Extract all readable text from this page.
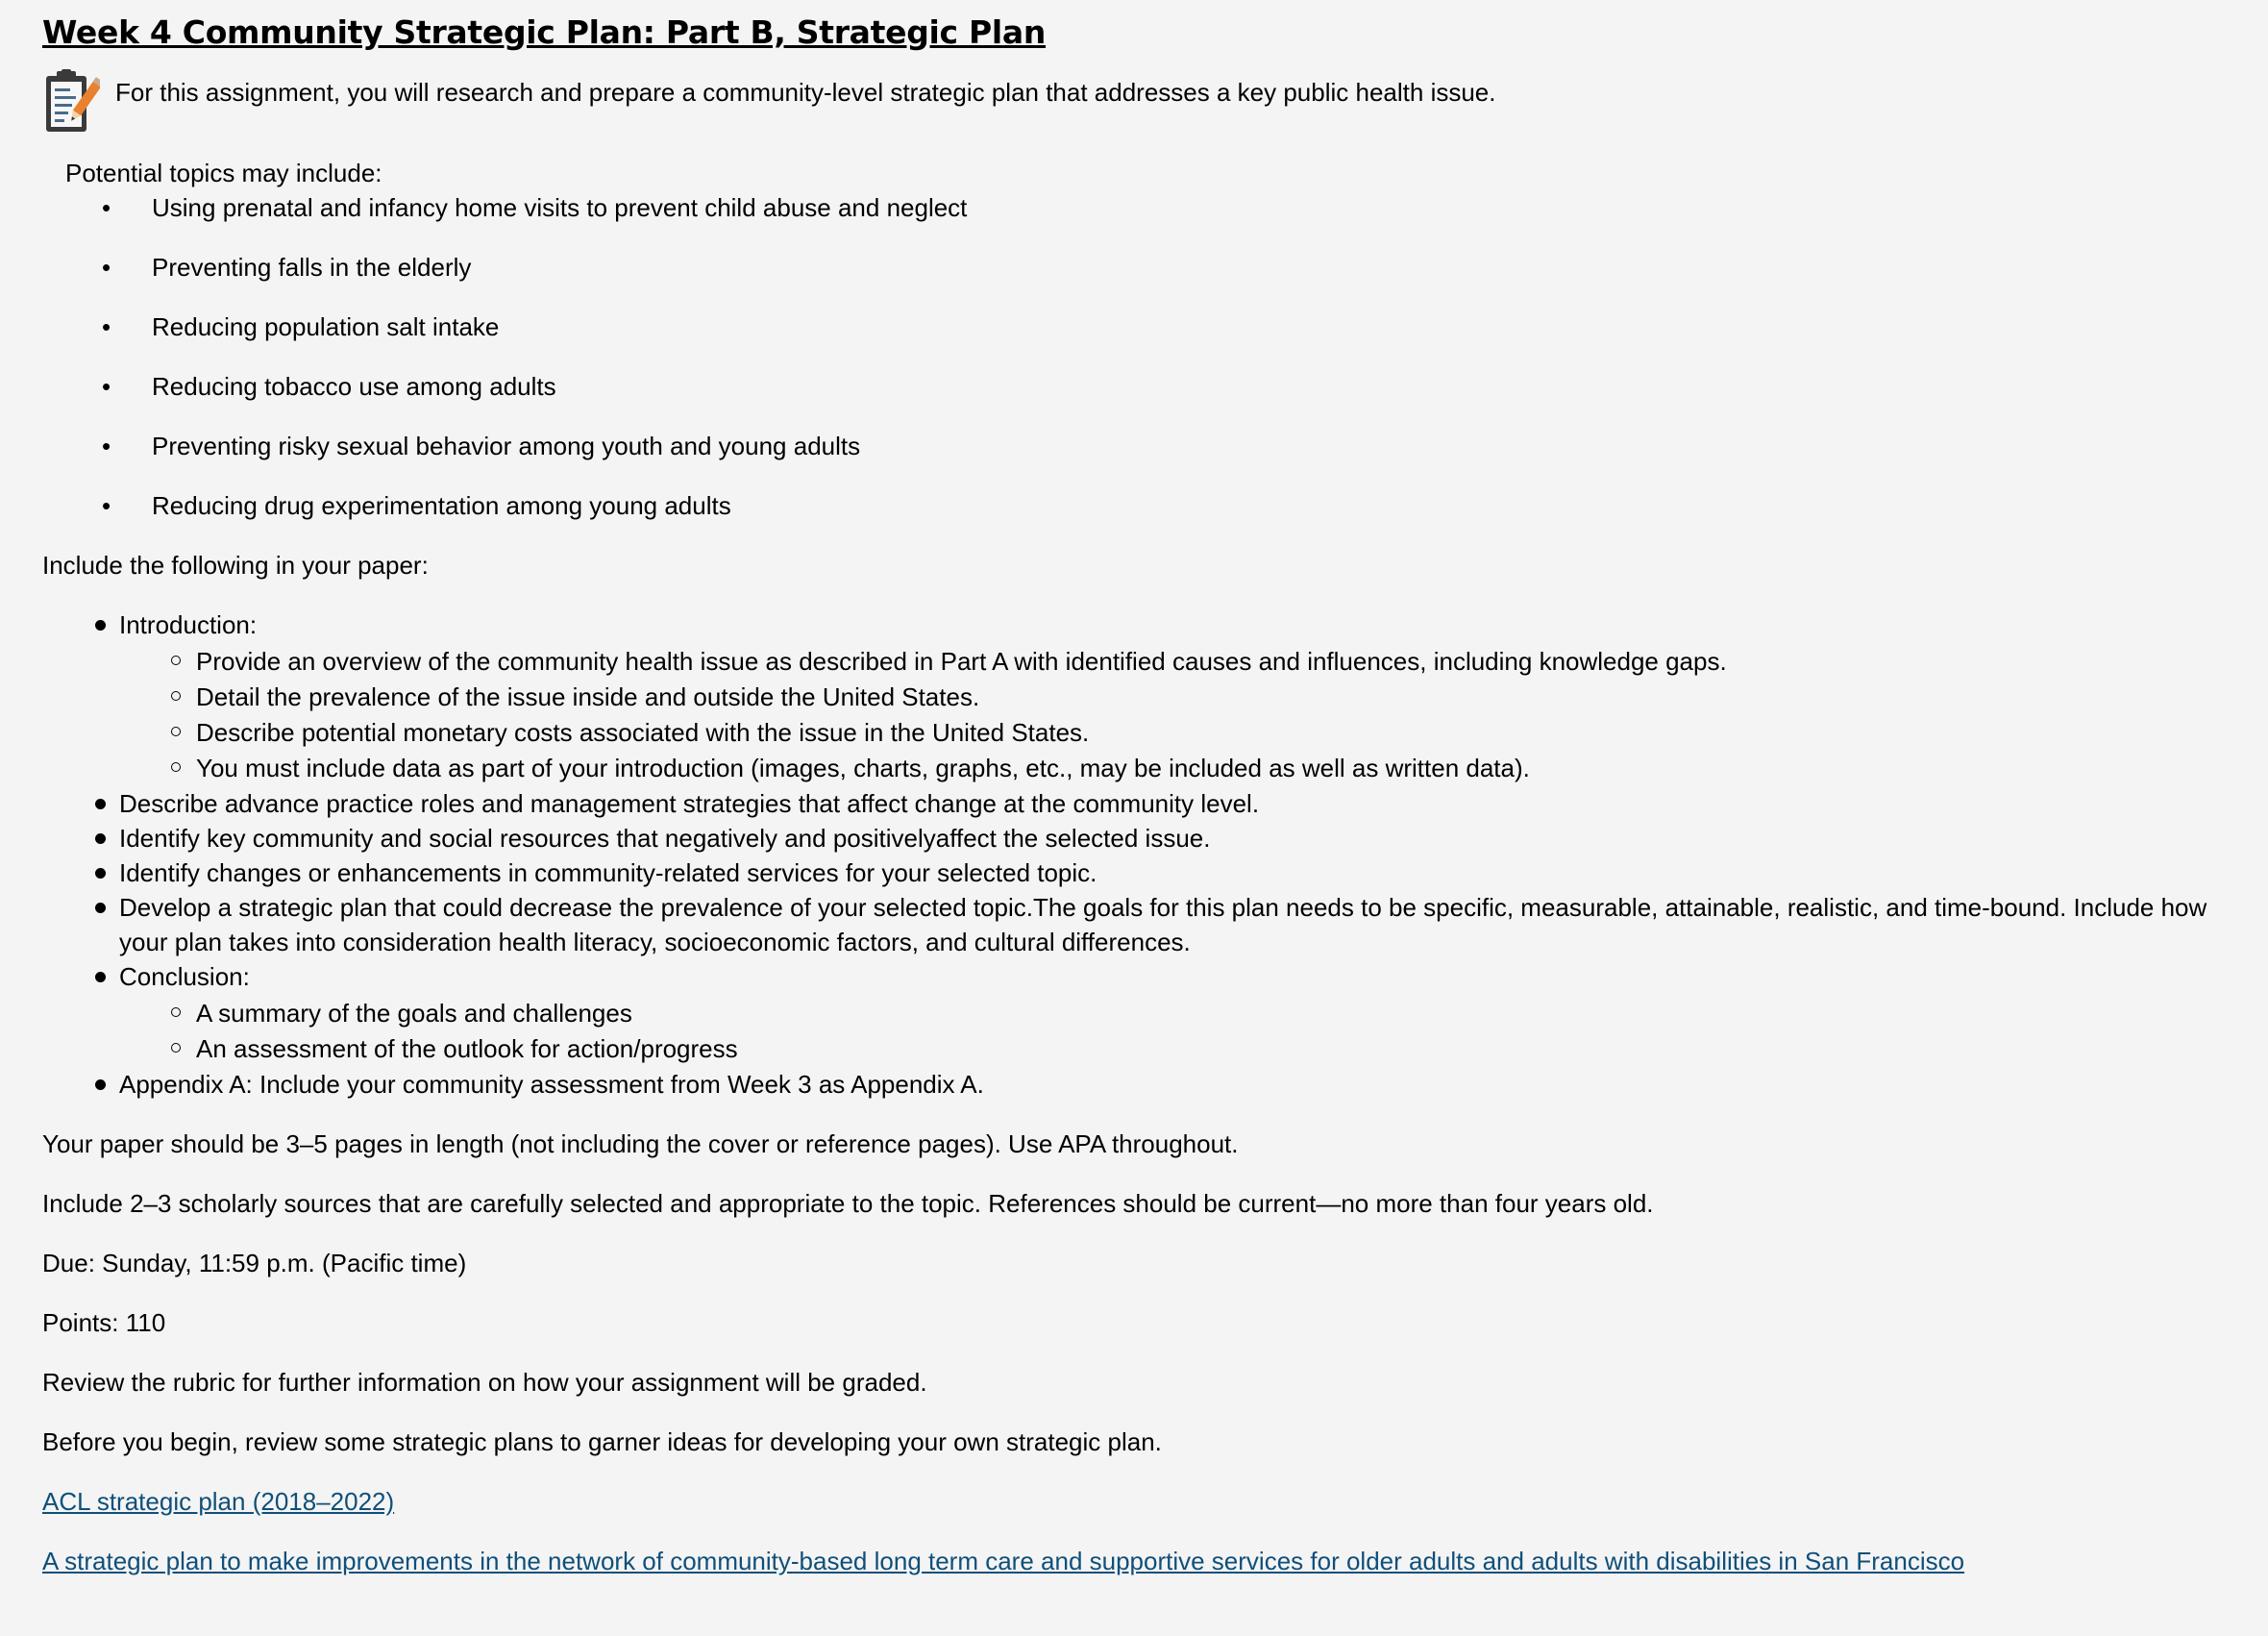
Week 4 Community Strategic Plan: Part B, Strategic Plan
For this assignment, you will research and prepare a community-level strategic plan that addresses a key public health issue.
Potential topics may include:
• Using prenatal and infancy home visits to prevent child abuse and neglect
• Preventing falls in the elderly
• Reducing population salt intake
• Reducing tobacco use among adults
• Preventing risky sexual behavior among youth and young adults
• Reducing drug experimentation among young adults

Include the following in your paper:

Introduction:
Provide an overview of the community health issue as described in Part A with identified causes and influences, including knowledge gaps.
Detail the prevalence of the issue inside and outside the United States.
Describe potential monetary costs associated with the issue in the United States.
You must include data as part of your introduction (images, charts, graphs, etc., may be included as well as written data).
Describe advance practice roles and management strategies that affect change at the community level.
Identify key community and social resources that negatively and positivelyaffect the selected issue.
Identify changes or enhancements in community-related services for your selected topic.
Develop a strategic plan that could decrease the prevalence of your selected topic.The goals for this plan needs to be specific, measurable, attainable, realistic, and time-bound. Include how your plan takes into consideration health literacy, socioeconomic factors, and cultural differences.
Conclusion:
A summary of the goals and challenges
An assessment of the outlook for action/progress
Appendix A: Include your community assessment from Week 3 as Appendix A.

Your paper should be 3–5 pages in length (not including the cover or reference pages). Use APA throughout.

Include 2–3 scholarly sources that are carefully selected and appropriate to the topic. References should be current—no more than four years old.

Due: Sunday, 11:59 p.m. (Pacific time)

Points: 110

Review the rubric for further information on how your assignment will be graded.

Before you begin, review some strategic plans to garner ideas for developing your own strategic plan.

ACL strategic plan (2018–2022)
A strategic plan to make improvements in the network of community-based long term care and supportive services for older adults and adults with disabilities in San Francisco
